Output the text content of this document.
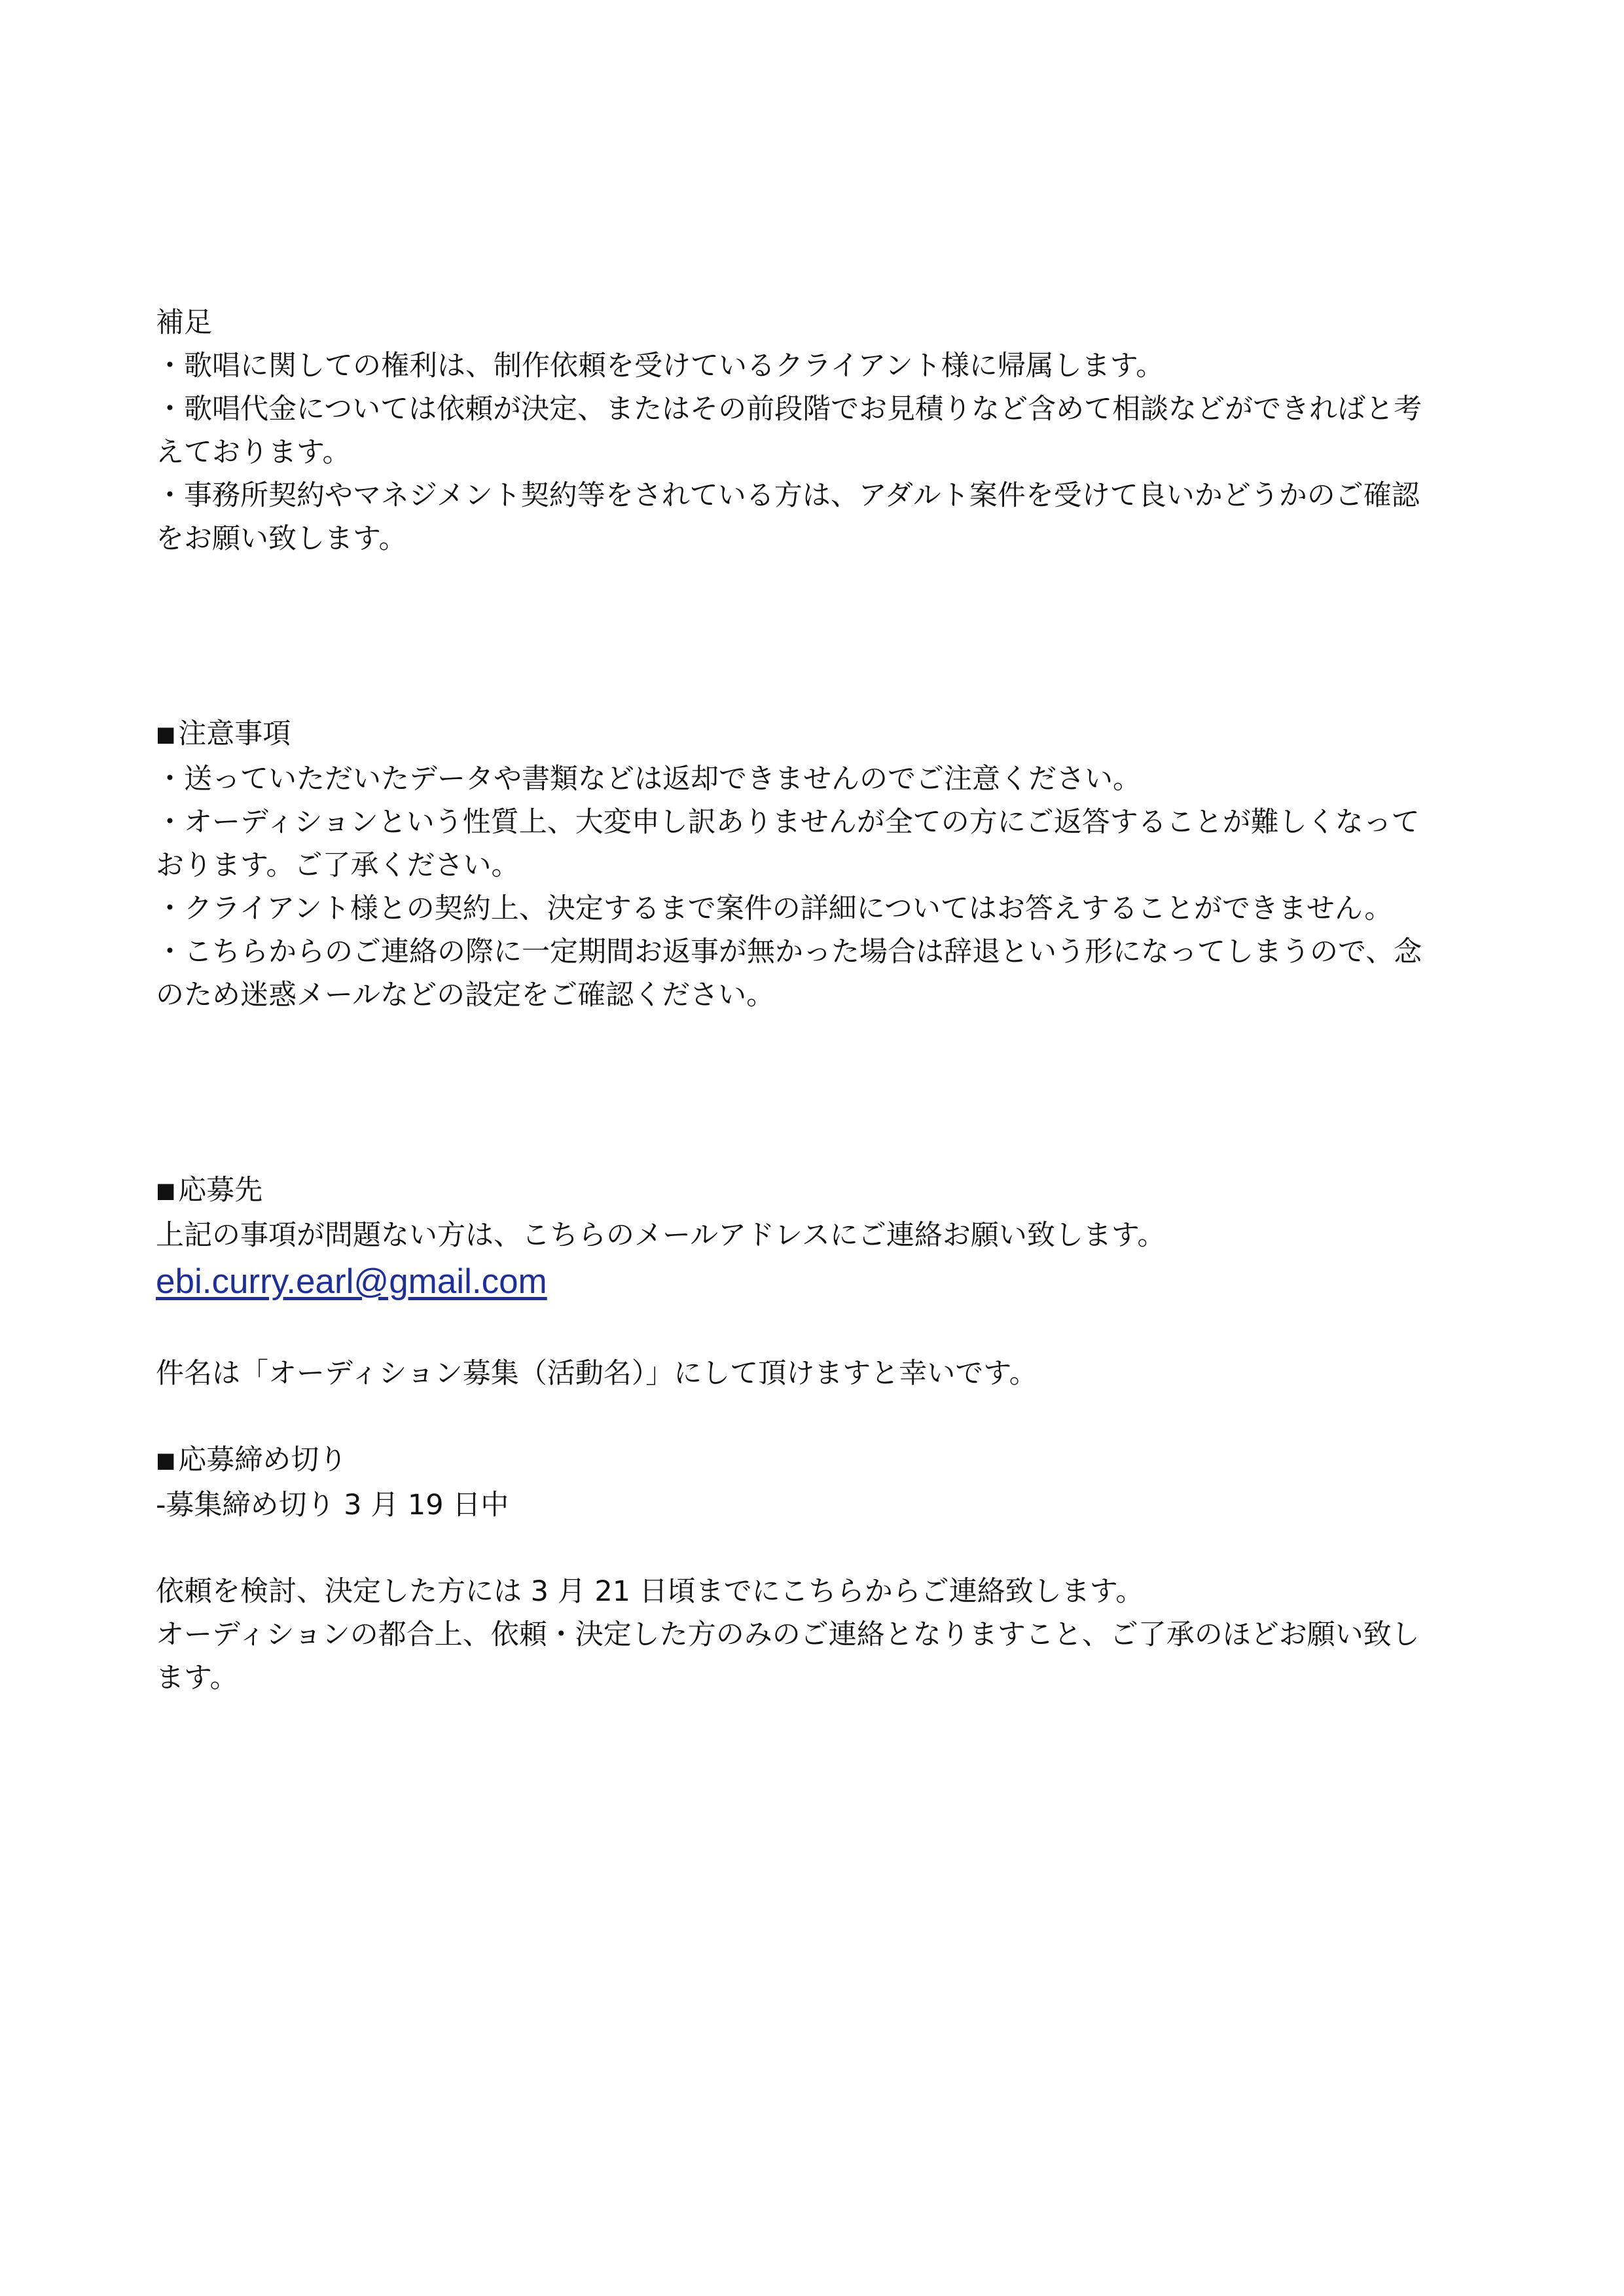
補足

・歌唱に関しての権利は、制作依頼を受けているクライアント様に帰属します。

・歌唱代金については依頼が決定、またはその前段階でお見積りなど含めて相談などができればと考

えております。

・事務所契約やマネジメント契約等をされている方は、アダルト案件を受けて良いかどうかのご確認

をお願い致します。

■注意事項

・送っていただいたデータや書類などは返却できませんのでご注意ください。

・オーディションという性質上、大変申し訳ありませんが全ての方にご返答することが難しくなって

おります。ご了承ください。

・クライアント様との契約上、決定するまで案件の詳細についてはお答えすることができません。

・こちらからのご連絡の際に一定期間お返事が無かった場合は辞退という形になってしまうので、念

のため迷惑メールなどの設定をご確認ください。

■応募先

上記の事項が問題ない方は、こちらのメールアドレスにご連絡お願い致します。

ebi.curry.earl@gmail.com

件名は「オーディション募集（活動名）」にして頂けますと幸いです。

■応募締め切り

-募集締め切り 3 月 19 日中

依頼を検討、決定した方には 3 月 21 日頃までにこちらからご連絡致します。

オーディションの都合上、依頼・決定した方のみのご連絡となりますこと、ご了承のほどお願い致し

ます。
